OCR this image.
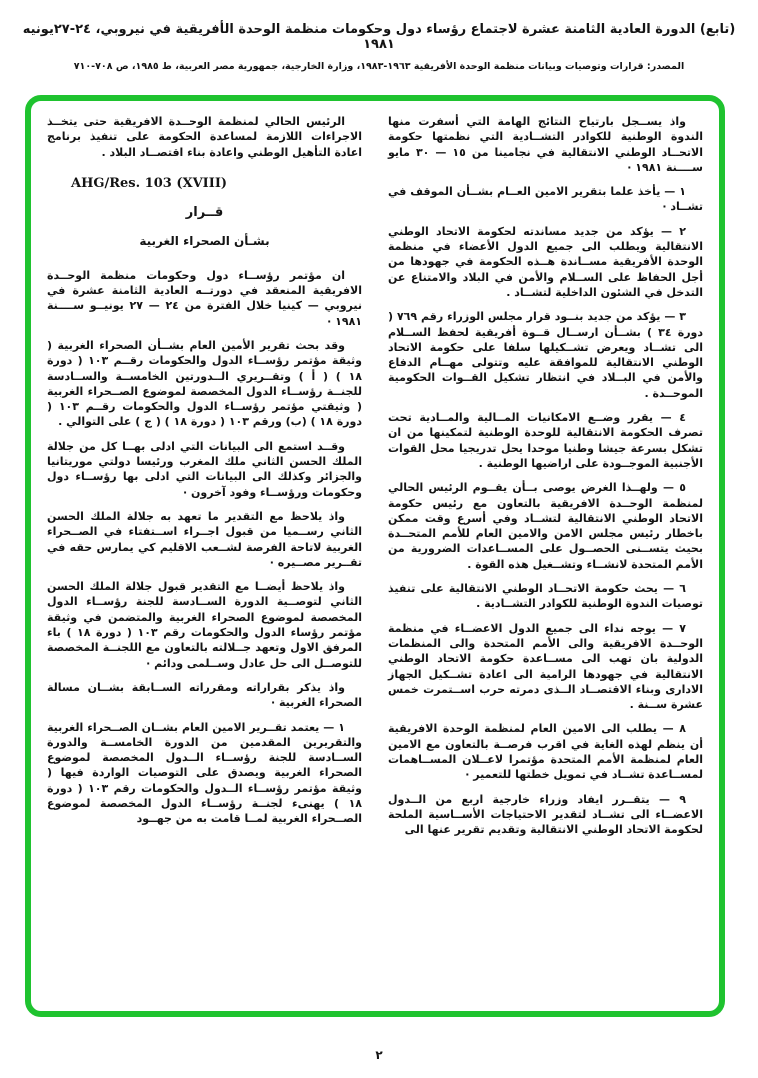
(تابع) الدورة العادية الثامنة عشرة لاجتماع رؤساء دول وحكومات منظمة الوحدة الأفريقية في نيروبي، ٢٤-٢٧يونيه ١٩٨١
المصدر: قرارات وتوصيات وبيانات منظمة الوحدة الأفريقية ١٩٦٣-١٩٨٣، وزارة الخارجية، جمهورية مصر العربية، ط ١٩٨٥، ص ٧٠٨-٧١٠

واذ يســجل بارتياح النتائج الهامة التي أسفرت منها الندوة الوطنية للكوادر التشــادية التي نظمتها حكومة الاتحــاد الوطني الانتقالية في نجامينا من ١٥ — ٣٠ مايو ســــنة ١٩٨١ ·

١ — يأخذ علما بتقرير الامين العــام بشــأن الموقف في تشــاد ·

٢ — يؤكد من جديد مساندته لحكومة الاتحاد الوطني الانتقالية ويطلب الى جميع الدول الأعضاء في منظمة الوحدة الأفريقية مســاندة هــذه الحكومة في جهودها من أجل الحفاظ على الســلام والأمن في البلاد والامتناع عن التدخل في الشئون الداخلية لتشــاد .

٣ — يؤكد من جديد بنــود قرار مجلس الوزراء رقم ٧٦٩ ( دورة ٣٤ ) بشــأن ارســال قــوة أفريقية لحفظ الســلام الى تشــاد ويعرض تشــكيلها سلفا على حكومة الاتحاد الوطني الانتقالية للموافقة عليه وتتولى مهــام الدفاع والأمن في البــلاد في انتظار تشكيل القــوات الحكومية الموحــدة .

٤ — يقرر وضــع الامكانيات المــالية والمــادية تحت تصرف الحكومة الانتقالية للوحدة الوطنية لتمكينها من ان تشكل بسرعة جيشا وطنيا موحدا يحل تدريجيا محل القوات الأجنبية الموجــودة على اراضيها الوطنية .

٥ — ولهــذا الغرض يوصى بــأن يقــوم الرئيس الحالي لمنظمة الوحــدة الافريقية بالتعاون مع رئيس حكومة الاتحاد الوطني الانتقالية لتشــاد وفي أسرع وقت ممكن باخطار رئيس مجلس الامن والامين العام للأمم المتحــدة بحيث يتســنى الحصــول على المســاعدات الضرورية من الأمم المتحدة لانشــاء وتشــغيل هذه القوة .

٦ — يحث حكومة الاتحــاد الوطني الانتقالية على تنفيذ توصيات الندوة الوطنية للكوادر التشــادية .

٧ — يوجه نداء الى جميع الدول الاعضــاء في منظمة الوحــدة الافريقية والى الأمم المتحدة والى المنظمات الدولية بان تهب الى مســاعدة حكومة الاتحاد الوطني الانتقالية في جهودها الرامية الى اعادة تشــكيل الجهاز الادارى وبناء الاقتصــاد الــذى دمرته حرب اســتمرت خمس عشرة ســنة .

٨ — يطلب الى الامين العام لمنظمة الوحدة الافريقية أن ينظم لهذه الغاية في اقرب فرصــة بالتعاون مع الامين العام لمنظمة الأمم المتحدة مؤتمرا لاعــلان المســاهمات لمســاعدة تشــاد في تمويل خطتها للتعمير ·

٩ — يتقــرر ايفاد وزراء خارجية اربع من الــدول الاعضــاء الى تشــاد لتقدير الاحتياجات الأســاسية الملحة لحكومة الاتحاد الوطني الانتقالية وتقديم تقرير عنها الى

الرئيس الحالي لمنظمة الوحــدة الافريقية حتى يتخــذ الاجراءات اللازمة لمساعدة الحكومة على تنفيذ برنامج اعادة التأهيل الوطني واعادة بناء اقتصــاد البلاد .

AHG/Res. 103 (XVIII)
قــرار
بشـأن الصحراء الغربية

ان مؤتمر رؤســاء دول وحكومات منظمة الوحــدة الافريقية المنعقد في دورتــه العادية الثامنة عشرة في نيروبي — كينيا خلال الفترة من ٢٤ — ٢٧ يونيــو ســــنة ١٩٨١ ·

وقد بحث تقرير الأمين العام بشــأن الصحراء الغربية ( وثيقة مؤتمر رؤســاء الدول والحكومات رقــم ١٠٣ ( دورة ١٨ ) ( أ ) وتقــريري الــدورتين الخامســة والســادسة للجنــة رؤســاء الدول المخصصة لموضوع الصــحراء الغربية ( وثيقتي مؤتمر رؤســاء الدول والحكومات رقــم ١٠٣ ( دورة ١٨ ) (ب) ورقم ١٠٣ ( دورة ١٨ ) ( ج ) على التوالي .

وقــد استمع الى البيانات التي ادلى بهــا كل من جلالة الملك الحسن الثاني ملك المغرب ورئيسا دولتي موريتانيا والجزائر وكذلك الى البيانات التي ادلى بها رؤســاء دول وحكومات ورؤســاء وفود آخرون ·

واذ يلاحظ مع التقدير ما تعهد به جلالة الملك الحسن الثاني رســميا من قبول اجــراء اســتفتاء في الصــحراء الغربية لاتاحة الفرصة لشــعب الاقليم كي يمارس حقه في تقــرير مصــيره ·

واذ يلاحظ أيضــا مع التقدير قبول جلالة الملك الحسن الثاني لتوصــية الدورة الســادسة للجنة رؤســاء الدول المخصصة لموضوع الصحراء الغربية والمتضمن في وثيقة مؤتمر رؤساء الدول والحكومات رقم ١٠٣ ( دورة ١٨ ) باء المرفق الاول وتعهد جــلالته بالتعاون مع اللجنــة المخصصة للتوصــل الى حل عادل وســلمى ودائم ·

واذ يذكر بقراراته ومقرراته الســابقة بشــان مسالة الصحراء الغربية ·

١ — يعتمد تقــرير الامين العام بشــان الصــحراء الغربية والتقريرين المقدمين من الدورة الخامســة والدورة الســادسة للجنة رؤســاء الــدول المخصصة لموضوع الصحراء الغربية ويصدق على التوصيات الواردة فيها ( وثيقة مؤتمر رؤســاء الــدول والحكومات رقم ١٠٣ ( دورة ١٨ ) يهنىء لجنــة رؤســاء الدول المخصصة لموضوع الصــحراء الغربية لمــا قامت به من جهــود

٢
